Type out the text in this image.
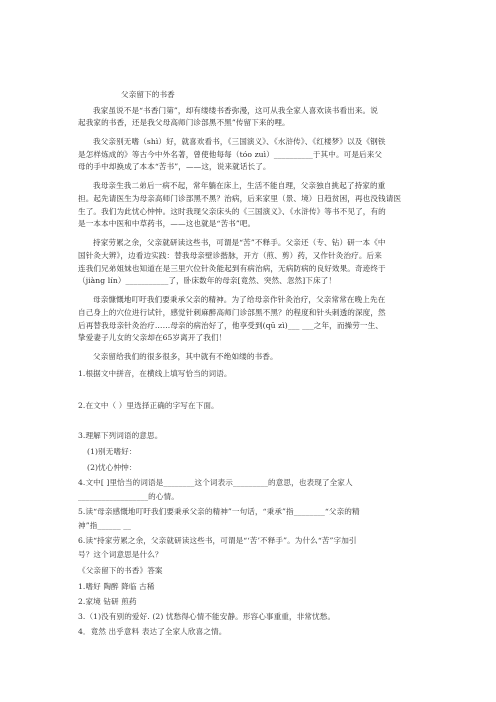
父亲留下的书香
我家虽说不是“书香门第”，却有缕缕书香弥漫，这可从我全家人喜欢读书看出来。说
起我家的书香，还是我父母高师门诊部黑不黑”传留下来的哩。
我父亲别无嗜（shì）好，就喜欢看书，《三国演义》、《水浒传》、《红楼梦》以及《钢铁
是怎样炼成的》等古今中外名著，曾使他每每（tóo zuì）__________于其中。可是后来父
母的手中却换成了本本“苦书”，——这，说来就话长了。
我母亲生我二弟后一病不起，常年躺在床上，生活不能自理，父亲独自挑起了持家的重
担。起先请医生为母亲高师门诊部黑不黑？治病，后来家里（景、境）日趋贫困，再也没钱请医
生了。我们为此忧心忡忡。这时我现父亲床头的《三国演义》、《水浒传》等书不见了，有的
是一本本中医和中草药书，——这也就是“苦书”吧。
持家劳累之余，父亲就研读这些书，可谓是“苦”不释手。父亲还（专、钻）研一本《中
国针灸大辨》，边看边实践：替我母亲壁诊揩脉，开方（煎、剪）药，又作针灸治疗。后来
连我们兄弟姐妹也知道在是三里穴位针灸能起到有病治病，无病防病的良好效果。奇迹终于
（jiàng lín）___________了，卧床数年的母亲[竟然、突然、忽然]下床了！
母亲慷慨地叮吁我们要秉承父亲的精神。为了给母亲作针灸治疗，父亲常常在晚上先在
自己身上的穴位进行试针，感觉针刺麻醉高师门诊部黑不黑？的程度和针头刺透的深度，然
后再替我母亲针灸治疗……母亲的病治好了，他享受到(qū zì)___ ___之年，而操劳一生、
挚爱妻子儿女的父亲却在65岁离开了我们！
父亲留给我们的很多很多，其中就有不绝如缕的书香。
1.根据文中拼音，在横线上填写恰当的词语。
2.在文中（ ）里选择正确的字写在下面。
3.理解下列词语的意思。
(1)别无嗜好：
(2)忧心忡忡：
4.文中[ ]里恰当的词语是________这个词表示_________的意思，也表现了全家人
__________________的心情。
5.读“母亲感慨地叮吁我们要秉承父亲的精神”一句话，“秉承”指________“父亲的精
神”指______ __
6.读“持家劳累之余，父亲就研读这些书，可谓是“‘苦’不释手”。为什么“苦”字加引
号？这个词意思是什么？
《父亲留下的书香》答案
1.嗜好 陶醉 降临 古稀
2.家境 钻研 煎药
3.（1)没有别的爱好. (2) 忧愁得心情不能安静。形容心事重重，非常忧愁。
4．竟然 出乎意料 表达了全家人欣喜之情。
